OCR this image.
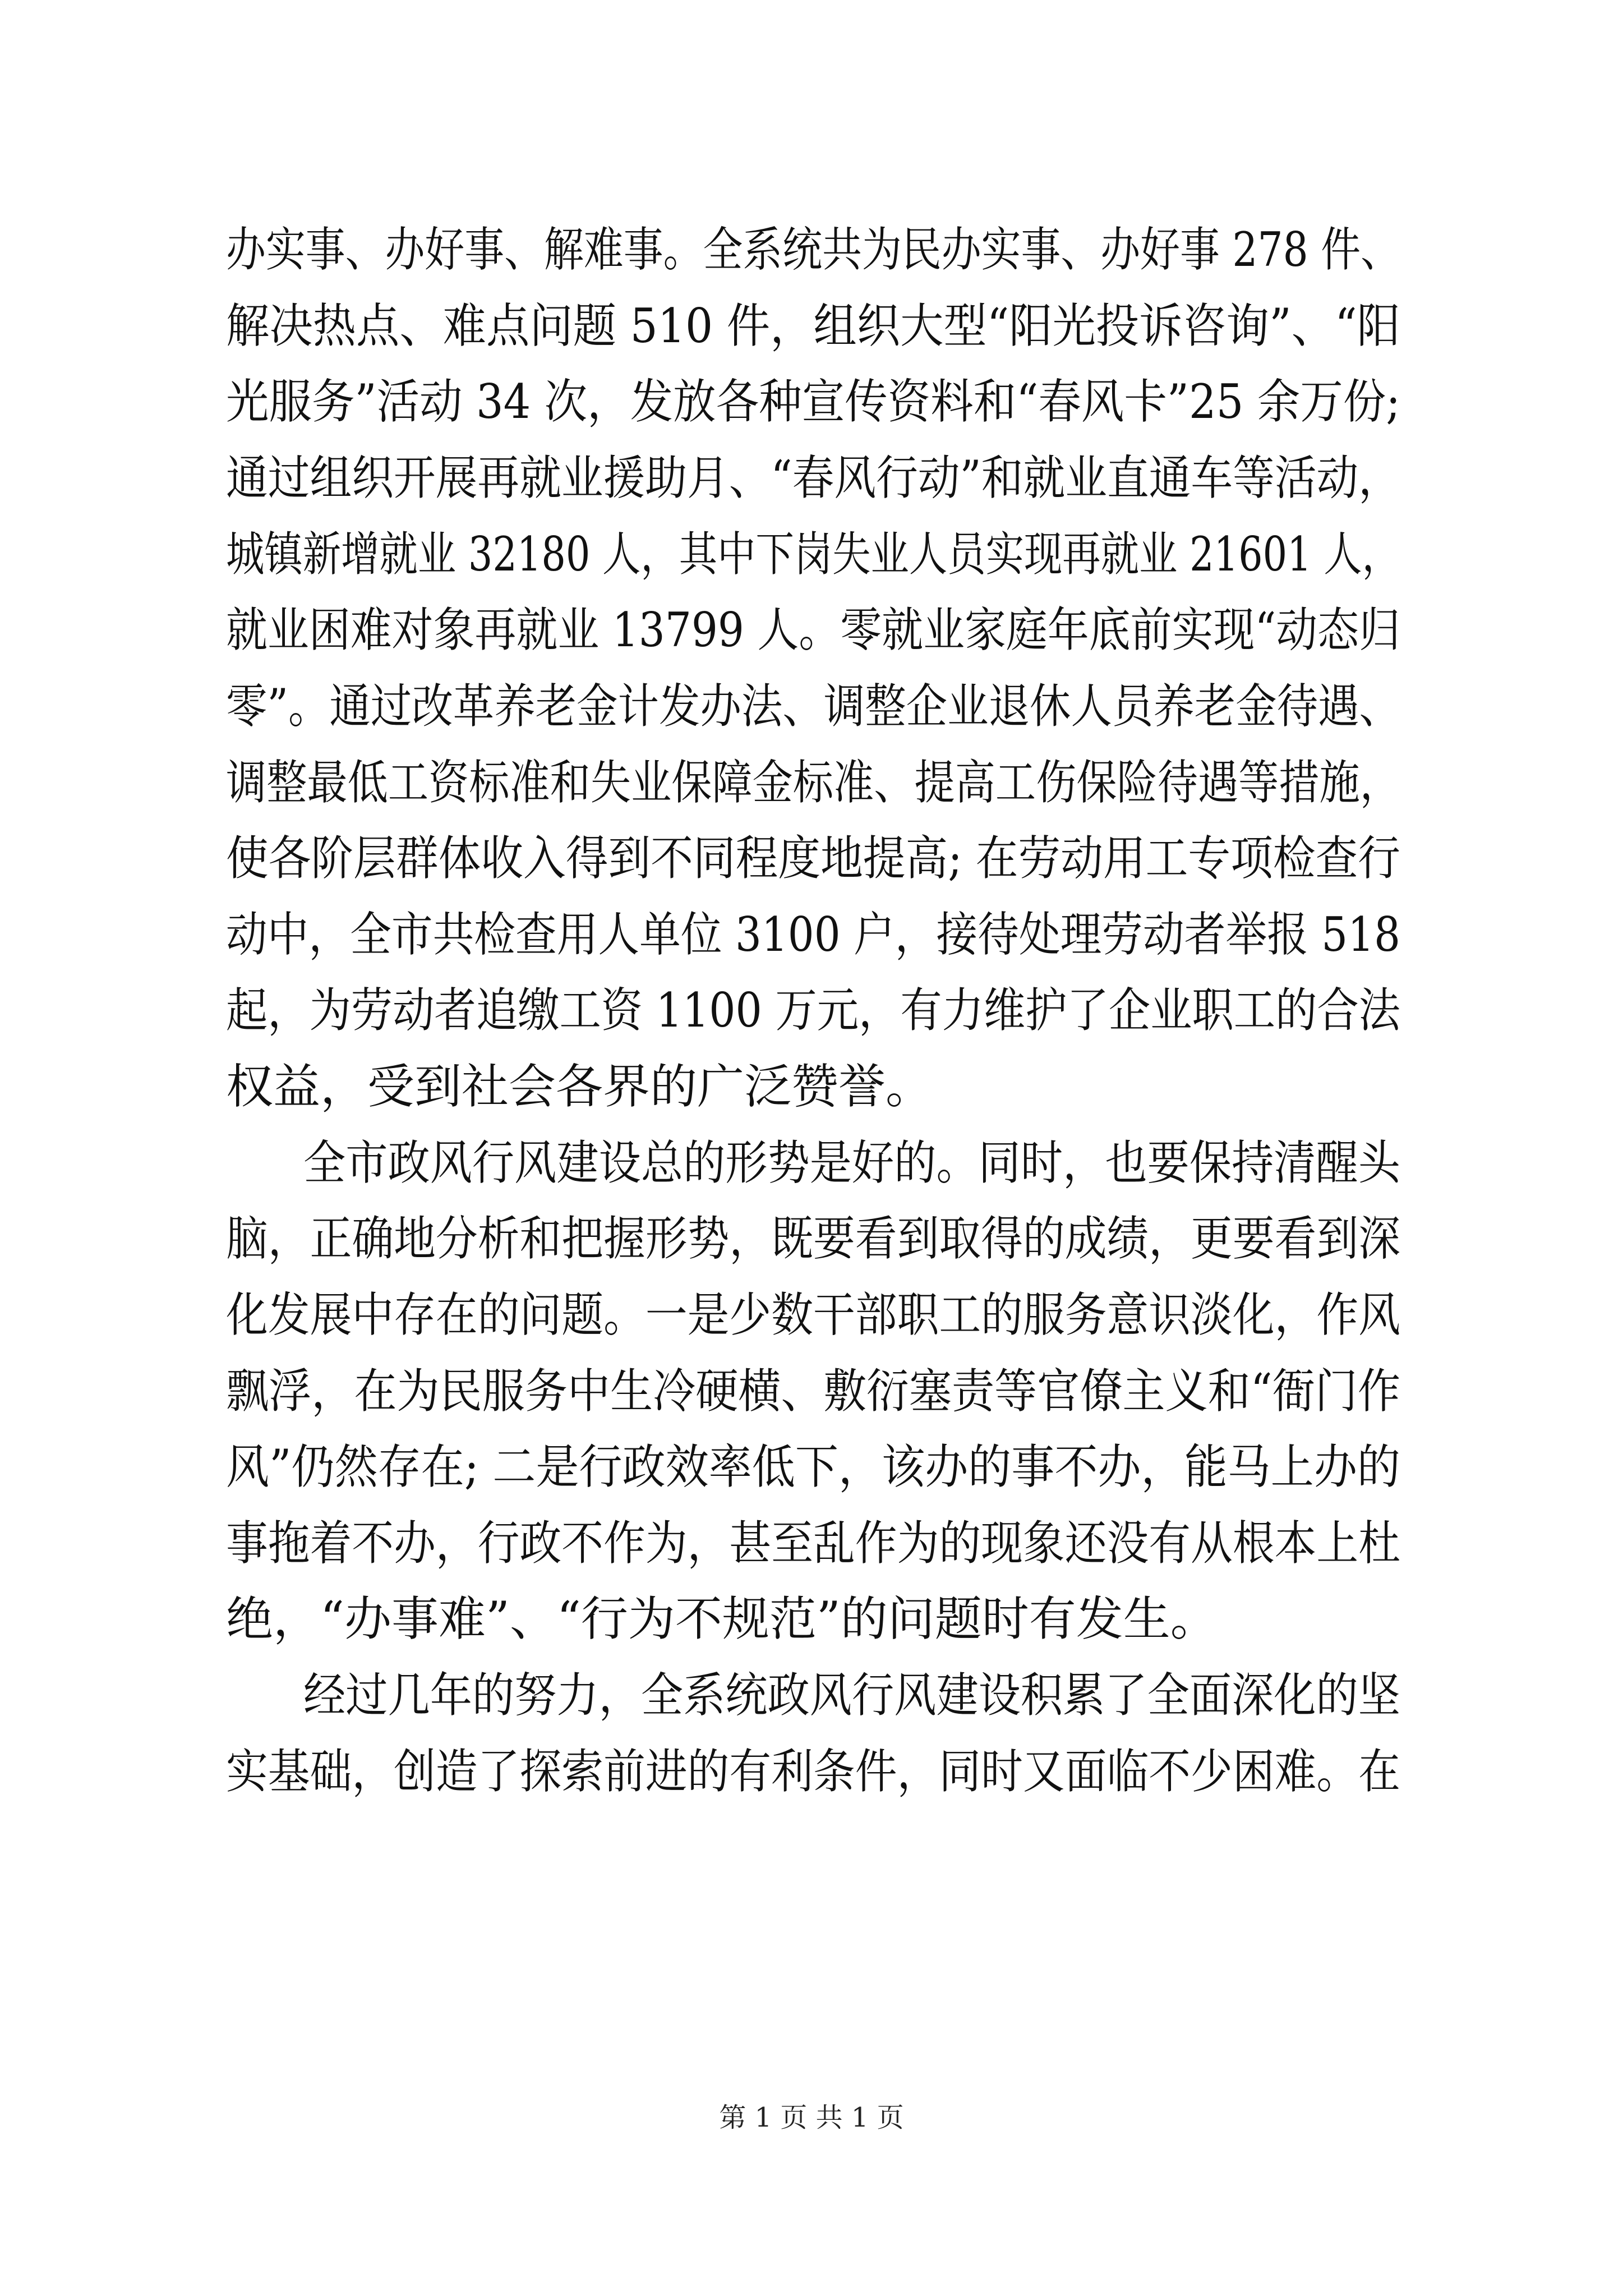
办实事、办好事、解难事。全系统共为民办实事、办好事 278 件、

解决热点、难点问题 510 件，组织大型“阳光投诉咨询”、“阳

光服务”活动 34 次，发放各种宣传资料和“春风卡”25 余万份;

通过组织开展再就业援助月、“春风行动”和就业直通车等活动，

城镇新增就业 32180 人，其中下岗失业人员实现再就业 21601 人，

就业困难对象再就业 13799 人。零就业家庭年底前实现“动态归

零”。通过改革养老金计发办法、调整企业退休人员养老金待遇、

调整最低工资标准和失业保障金标准、提高工伤保险待遇等措施，

使各阶层群体收入得到不同程度地提高; 在劳动用工专项检查行

动中，全市共检查用人单位 3100 户，接待处理劳动者举报 518

起，为劳动者追缴工资 1100 万元，有力维护了企业职工的合法

权益，受到社会各界的广泛赞誉。

全市政风行风建设总的形势是好的。同时，也要保持清醒头

脑，正确地分析和把握形势，既要看到取得的成绩，更要看到深

化发展中存在的问题。一是少数干部职工的服务意识淡化，作风

飘浮，在为民服务中生冷硬横、敷衍塞责等官僚主义和“衙门作

风”仍然存在; 二是行政效率低下，该办的事不办，能马上办的

事拖着不办，行政不作为，甚至乱作为的现象还没有从根本上杜

绝，“办事难”、“行为不规范”的问题时有发生。

经过几年的努力，全系统政风行风建设积累了全面深化的坚

实基础，创造了探索前进的有利条件，同时又面临不少困难。在

第 1 页 共 1 页
